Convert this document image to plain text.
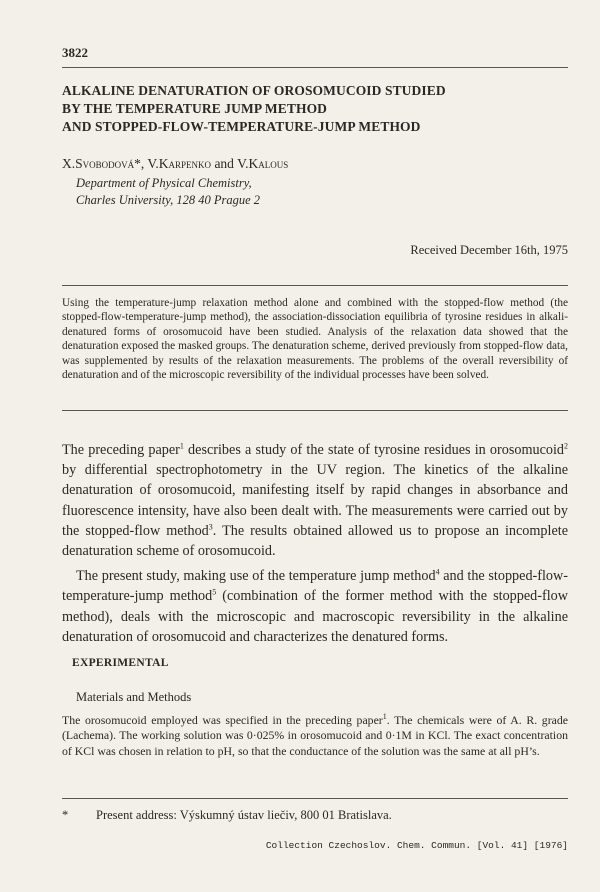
3822
ALKALINE DENATURATION OF OROSOMUCOID STUDIED
BY THE TEMPERATURE JUMP METHOD
AND STOPPED-FLOW-TEMPERATURE-JUMP METHOD
X.Svobodová*, V.Karpenko and V.Kalous
Department of Physical Chemistry,
Charles University, 128 40 Prague 2
Received December 16th, 1975
Using the temperature-jump relaxation method alone and combined with the stopped-flow method (the stopped-flow-temperature-jump method), the association-dissociation equilibria of tyrosine residues in alkali-denatured forms of orosomucoid have been studied. Analysis of the relaxation data showed that the denaturation exposed the masked groups. The denaturation scheme, derived previously from stopped-flow data, was supplemented by results of the relaxation measurements. The problems of the overall reversibility of denaturation and of the microscopic reversibility of the individual processes have been solved.

The preceding paper$^1$ describes a study of the state of tyrosine residues in orosomucoid$^2$ by differential spectrophotometry in the UV region. The kinetics of the alkaline denaturation of orosomucoid, manifesting itself by rapid changes in absorbance and fluorescence intensity, have also been dealt with. The measurements were carried out by the stopped-flow method$^3$. The results obtained allowed us to propose an incomplete denaturation scheme of orosomucoid.

The present study, making use of the temperature jump method$^4$ and the stopped-flow-temperature-jump method$^5$ (combination of the former method with the stopped-flow method), deals with the microscopic and macroscopic reversibility in the alkaline denaturation of orosomucoid and characterizes the denatured forms.

EXPERIMENTAL
Materials and Methods
The orosomucoid employed was specified in the preceding paper$^1$. The chemicals were of A. R. grade (Lachema). The working solution was 0·025% in orosomucoid and 0·1M in KCl. The exact concentration of KCl was chosen in relation to pH, so that the conductance of the solution was the same at all pH’s.
* Present address: Výskumný ústav liečiv, 800 01 Bratislava.
Collection Czechoslov. Chem. Commun. [Vol. 41] [1976]
